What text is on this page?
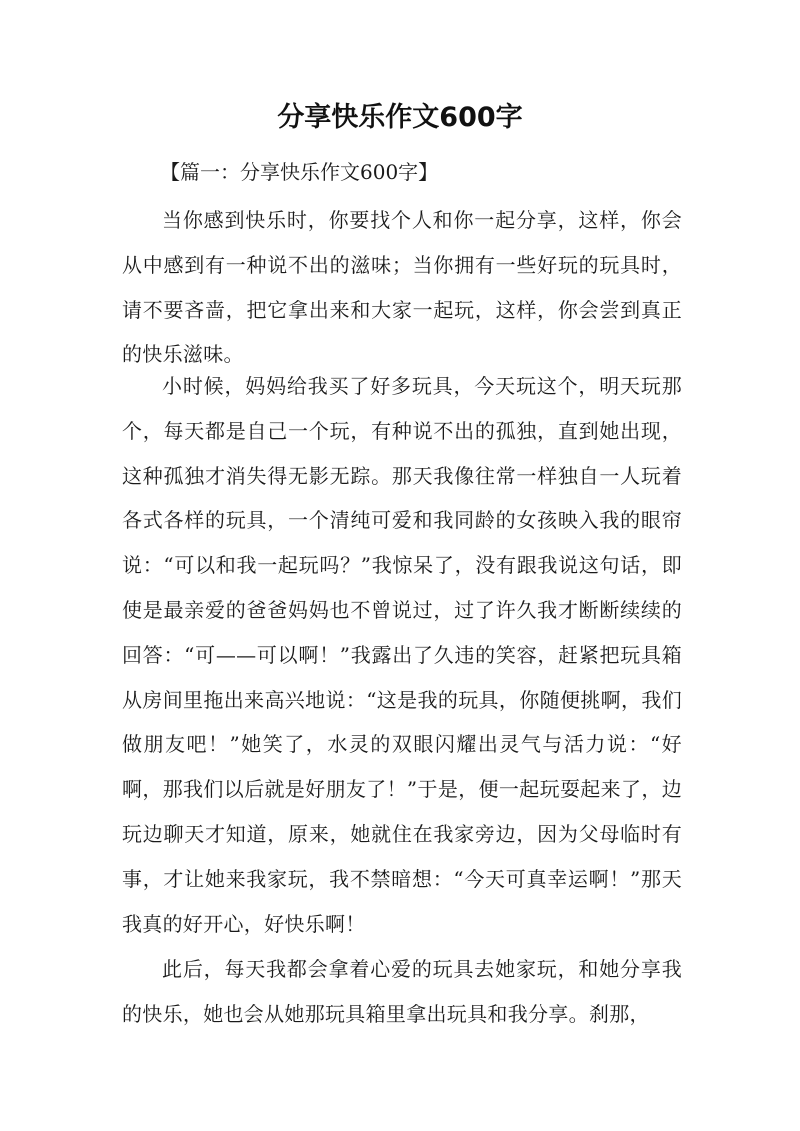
分享快乐作文600字
【篇一：分享快乐作文600字】

当你感到快乐时，你要找个人和你一起分享，这样，你会从中感到有一种说不出的滋味；当你拥有一些好玩的玩具时，请不要吝啬，把它拿出来和大家一起玩，这样，你会尝到真正的快乐滋味。

小时候，妈妈给我买了好多玩具，今天玩这个，明天玩那个，每天都是自己一个玩，有种说不出的孤独，直到她出现，这种孤独才消失得无影无踪。那天我像往常一样独自一人玩着各式各样的玩具，一个清纯可爱和我同龄的女孩映入我的眼帘说：“可以和我一起玩吗？”我惊呆了，没有跟我说这句话，即使是最亲爱的爸爸妈妈也不曾说过，过了许久我才断断续续的回答：“可——可以啊！”我露出了久违的笑容，赶紧把玩具箱从房间里拖出来高兴地说：“这是我的玩具，你随便挑啊，我们做朋友吧！”她笑了，水灵的双眼闪耀出灵气与活力说：“好啊，那我们以后就是好朋友了！”于是，便一起玩耍起来了，边玩边聊天才知道，原来，她就住在我家旁边，因为父母临时有事，才让她来我家玩，我不禁暗想：“今天可真幸运啊！”那天我真的好开心，好快乐啊！

此后，每天我都会拿着心爱的玩具去她家玩，和她分享我的快乐，她也会从她那玩具箱里拿出玩具和我分享。刹那，
